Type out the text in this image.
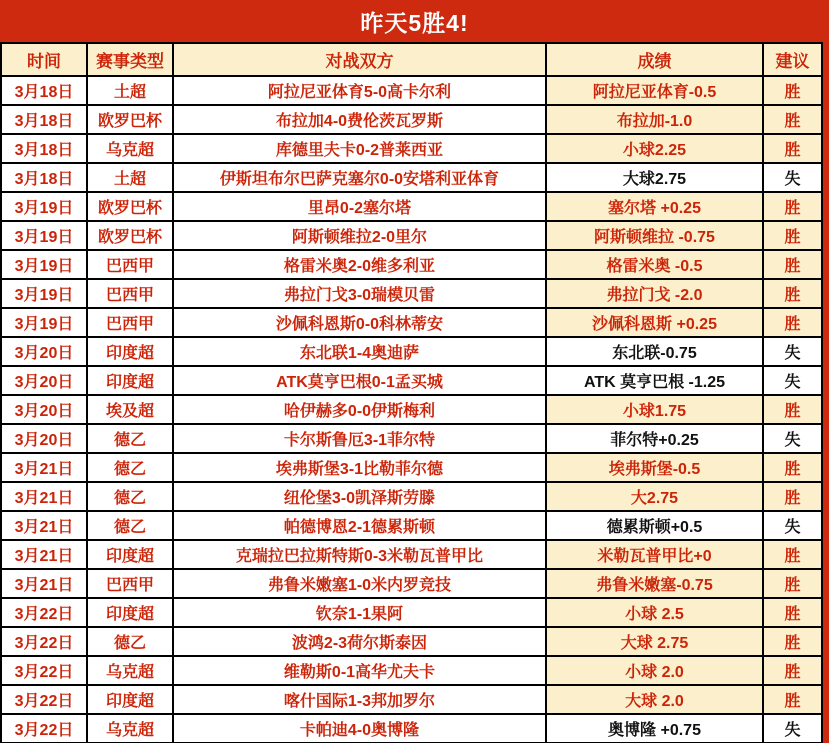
昨天5胜4!
时间	赛事类型	对战双方	成绩	建议
3月18日	土超	阿拉尼亚体育5-0高卡尔利	阿拉尼亚体育-0.5	胜
3月18日	欧罗巴杯	布拉加4-0费伦茨瓦罗斯	布拉加-1.0	胜
3月18日	乌克超	库德里夫卡0-2普莱西亚	小球2.25	胜
3月18日	土超	伊斯坦布尔巴萨克塞尔0-0安塔利亚体育	大球2.75	失
3月19日	欧罗巴杯	里昂0-2塞尔塔	塞尔塔 +0.25	胜
3月19日	欧罗巴杯	阿斯顿维拉2-0里尔	阿斯顿维拉 -0.75	胜
3月19日	巴西甲	格雷米奥2-0维多利亚	格雷米奥 -0.5	胜
3月19日	巴西甲	弗拉门戈3-0瑞模贝雷	弗拉门戈 -2.0	胜
3月19日	巴西甲	沙佩科恩斯0-0科林蒂安	沙佩科恩斯 +0.25	胜
3月20日	印度超	东北联1-4奥迪萨	东北联-0.75	失
3月20日	印度超	ATK莫亨巴根0-1孟买城	ATK 莫亨巴根 -1.25	失
3月20日	埃及超	哈伊赫多0-0伊斯梅利	小球1.75	胜
3月20日	德乙	卡尔斯鲁厄3-1菲尔特	菲尔特+0.25	失
3月21日	德乙	埃弗斯堡3-1比勒菲尔德	埃弗斯堡-0.5	胜
3月21日	德乙	纽伦堡3-0凯泽斯劳滕	大2.75	胜
3月21日	德乙	帕德博恩2-1德累斯顿	德累斯顿+0.5	失
3月21日	印度超	克瑞拉巴拉斯特斯0-3米勒瓦普甲比	米勒瓦普甲比+0	胜
3月21日	巴西甲	弗鲁米嫩塞1-0米内罗竞技	弗鲁米嫩塞-0.75	胜
3月22日	印度超	钦奈1-1果阿	小球 2.5	胜
3月22日	德乙	波鸿2-3荷尔斯泰因	大球 2.75	胜
3月22日	乌克超	维勒斯0-1高华尤夫卡	小球 2.0	胜
3月22日	印度超	喀什国际1-3邦加罗尔	大球 2.0	胜
3月22日	乌克超	卡帕迪4-0奥博隆	奥博隆 +0.75	失
